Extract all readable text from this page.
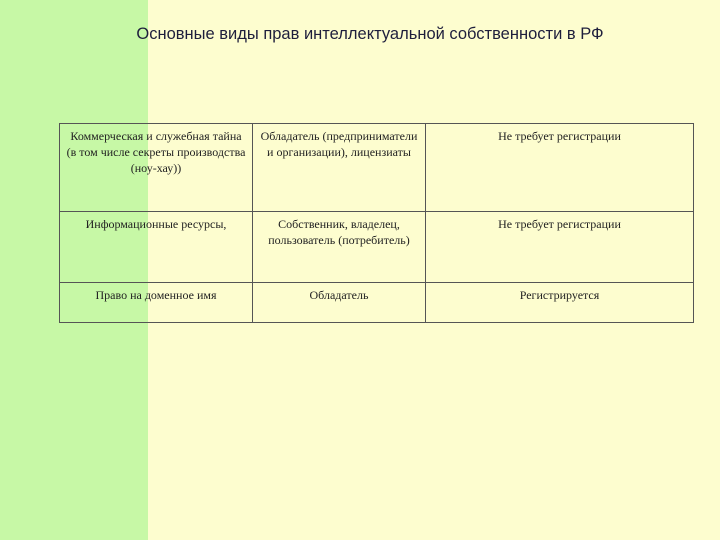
Основные виды прав интеллектуальной собственности в РФ
Коммерческая и служебная тайна (в том числе секреты производства (ноу-хау))	Обладатель (предприниматели и организации), лицензиаты	Не требует регистрации
Информационные ресурсы,	Собственник, владелец, пользователь (потребитель)	Не требует регистрации
Право на доменное имя	Обладатель	Регистрируется
